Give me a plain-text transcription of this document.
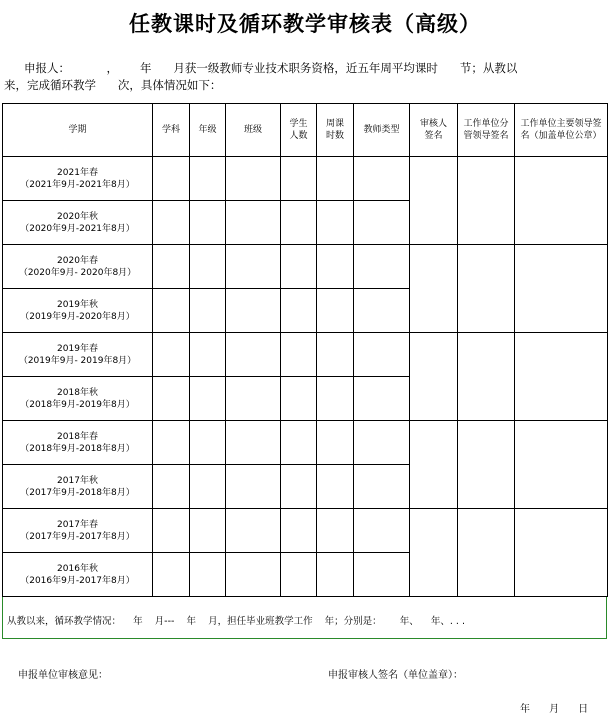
任教课时及循环教学审核表（高级）
申报人：          ，      年      月获一级教师专业技术职务资格，近五年周平均课时      节；从教以
来，完成循环教学      次，具体情况如下：
学期	学科	年级	班级	学生人数	周课时数	教师类型	审核人签名	工作单位分管领导签名	工作单位主要领导签名（加盖单位公章）

2021年春
（2021年9月-2021年8月）									

2020年秋
（2020年9月-2021年8月）									

2020年春
（2020年9月- 2020年8月）									

2019年秋
（2019年9月-2020年8月）									

2019年春
（2019年9月- 2019年8月）									

2018年秋
（2018年9月-2019年8月）									

2018年春
（2018年9月-2018年8月）									

2017年秋
（2017年9月-2018年8月）									

2017年春
（2017年9月-2017年8月）									

2016年秋
（2016年9月-2017年8月）									

从教以来，循环教学情况：    年    月---    年    月，担任毕业班教学工作    年；分别是：      年、    年、. . .
申报单位审核意见：	申报审核人签名（单位盖章）：
年      月      日
